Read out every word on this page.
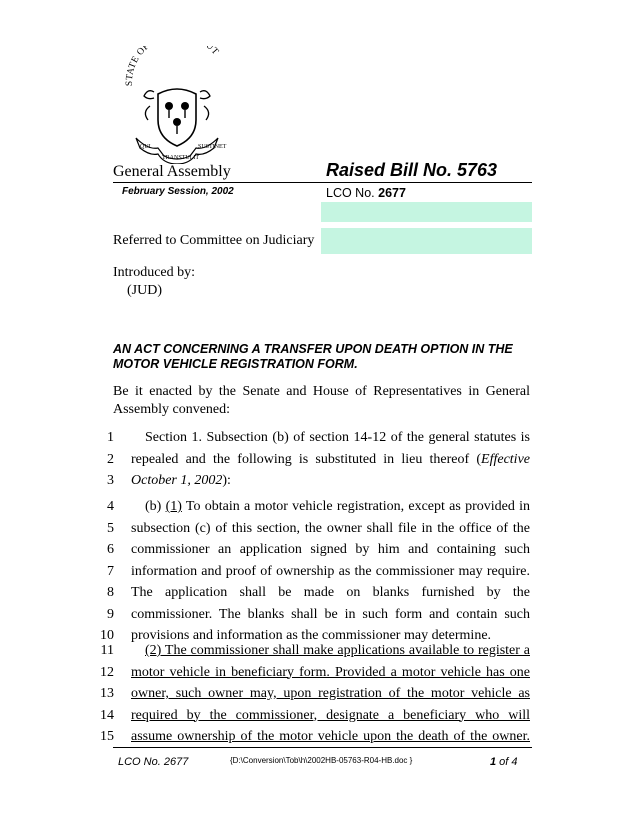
STATE OF UT
QUI
TRANSTULIT
SUSTINET
General Assembly	Raised Bill No. 5763
February Session, 2002	LCO No. 2677
Referred to Committee on Judiciary
Introduced by:
(JUD)
AN ACT CONCERNING A TRANSFER UPON DEATH OPTION IN THE MOTOR VEHICLE REGISTRATION FORM.
Be it enacted by the Senate and House of Representatives in General Assembly convened:
1 Section 1. Subsection (b) of section 14-12 of the general statutes is
2 repealed and the following is substituted in lieu thereof (Effective
3 October 1, 2002):
4 (b) (1) To obtain a motor vehicle registration, except as provided in
5 subsection (c) of this section, the owner shall file in the office of the
6 commissioner an application signed by him and containing such
7 information and proof of ownership as the commissioner may require.
8 The application shall be made on blanks furnished by the
9 commissioner. The blanks shall be in such form and contain such
10 provisions and information as the commissioner may determine.
11 (2) The commissioner shall make applications available to register a
12 motor vehicle in beneficiary form. Provided a motor vehicle has one
13 owner, such owner may, upon registration of the motor vehicle as
14 required by the commissioner, designate a beneficiary who will
15 assume ownership of the motor vehicle upon the death of the owner.
LCO No. 2677	{D:\Conversion\Tob\h\2002HB-05763-R04-HB.doc }	1 of 4
